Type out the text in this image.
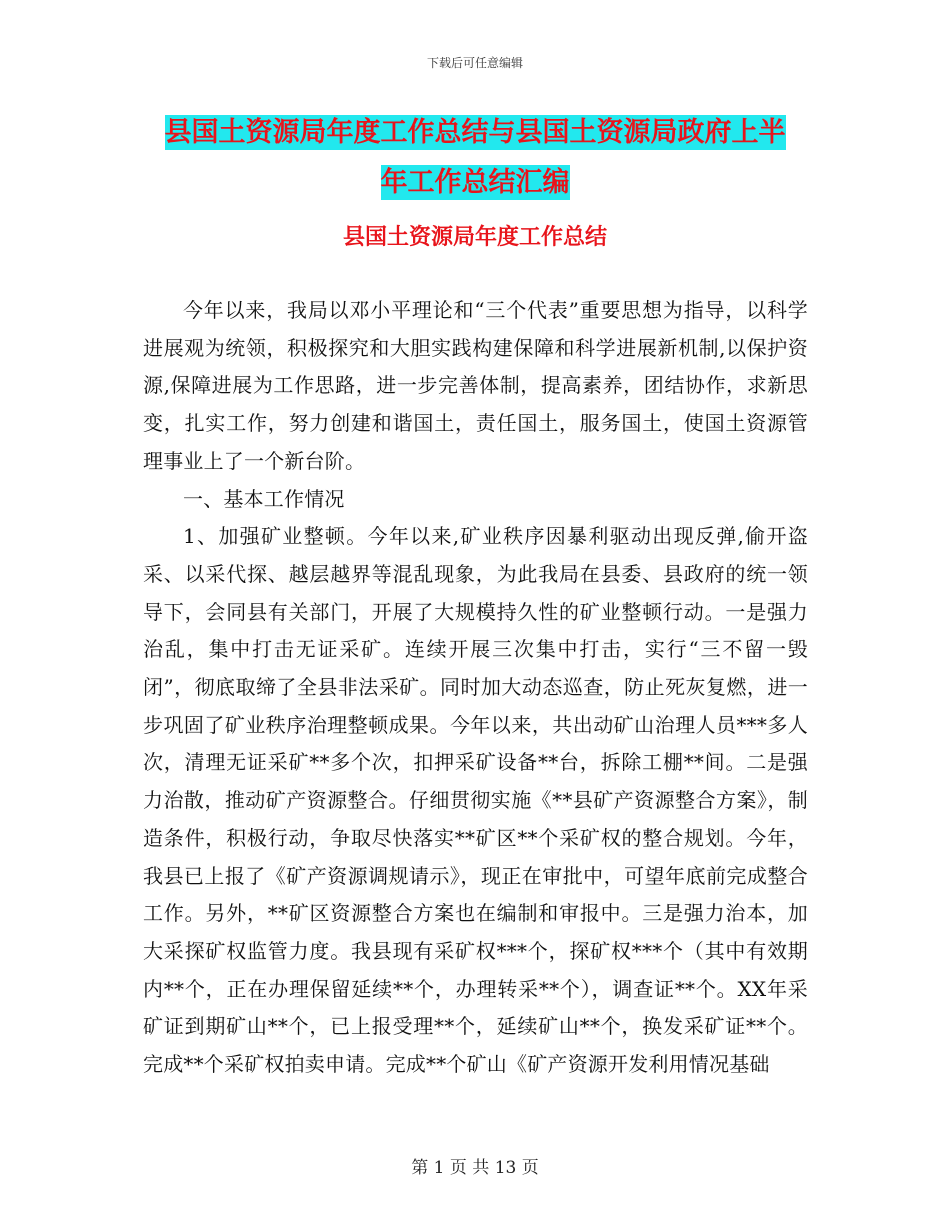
下载后可任意编辑
县国土资源局年度工作总结与县国土资源局政府上半
年工作总结汇编
县国土资源局年度工作总结

今年以来，我局以邓小平理论和“三个代表”重要思想为指导，以科学进展观为统领，积极探究和大胆实践构建保障和科学进展新机制,以保护资源,保障进展为工作思路，进一步完善体制，提高素养，团结协作，求新思变，扎实工作，努力创建和谐国土，责任国土，服务国土，使国土资源管理事业上了一个新台阶。

一、基本工作情况

1、加强矿业整顿。今年以来,矿业秩序因暴利驱动出现反弹,偷开盗采、以采代探、越层越界等混乱现象，为此我局在县委、县政府的统一领导下，会同县有关部门，开展了大规模持久性的矿业整顿行动。一是强力治乱，集中打击无证采矿。连续开展三次集中打击，实行“三不留一毁闭”，彻底取缔了全县非法采矿。同时加大动态巡查，防止死灰复燃，进一步巩固了矿业秩序治理整顿成果。今年以来，共出动矿山治理人员***多人次，清理无证采矿**多个次，扣押采矿设备**台，拆除工棚**间。二是强力治散，推动矿产资源整合。仔细贯彻实施《**县矿产资源整合方案》，制造条件，积极行动，争取尽快落实**矿区**个采矿权的整合规划。今年，我县已上报了《矿产资源调规请示》，现正在审批中，可望年底前完成整合工作。另外，**矿区资源整合方案也在编制和审报中。三是强力治本，加大采探矿权监管力度。我县现有采矿权***个，探矿权***个（其中有效期内**个，正在办理保留延续**个，办理转采**个），调查证**个。XX年采矿证到期矿山**个，已上报受理**个，延续矿山**个，换发采矿证**个。完成**个采矿权拍卖申请。完成**个矿山《矿产资源开发利用情况基础

第 1 页 共 13 页
